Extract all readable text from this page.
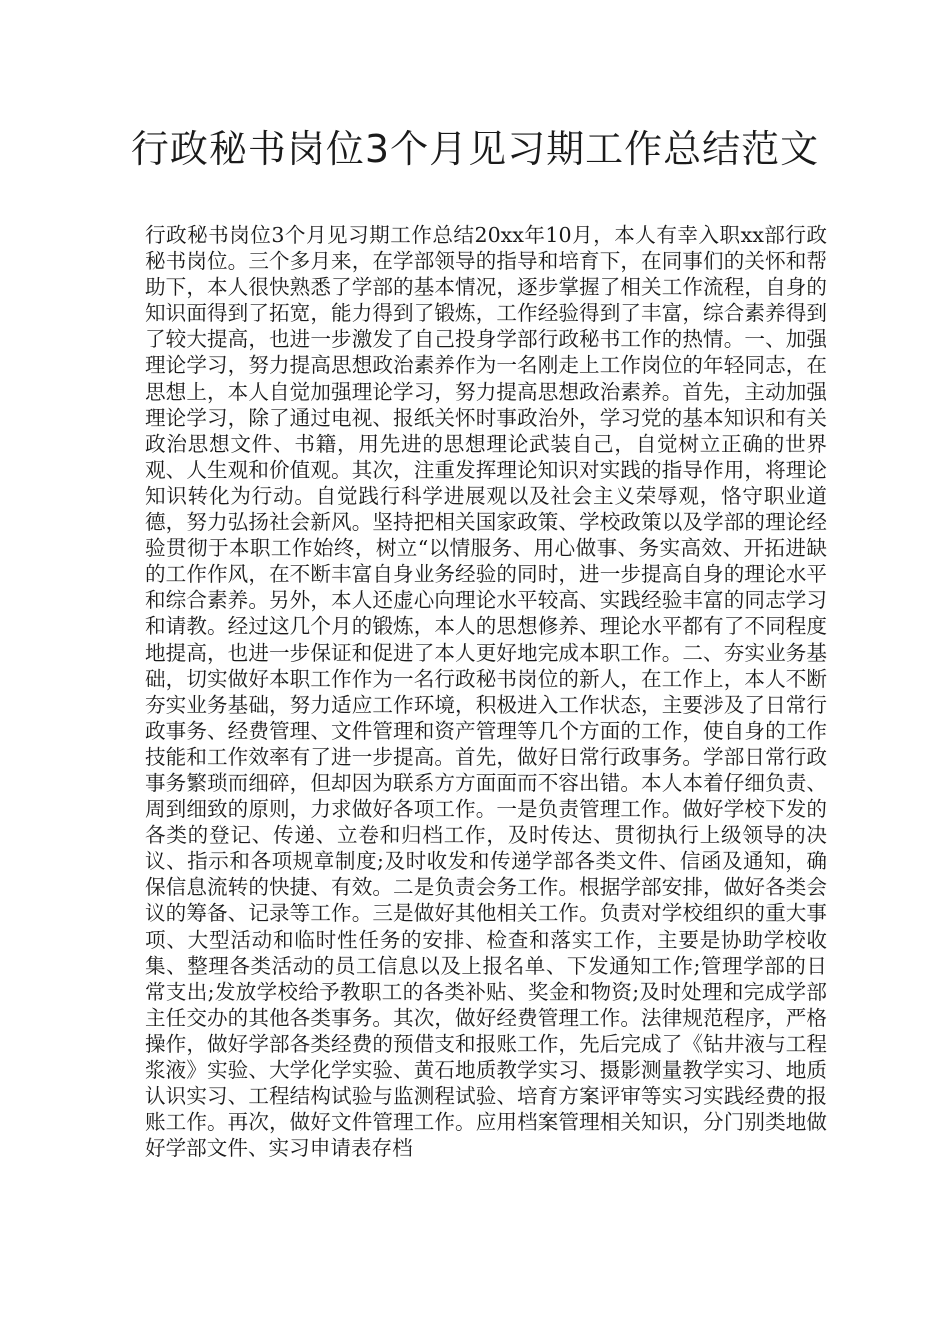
行政秘书岗位3个月见习期工作总结范文

行政秘书岗位3个月见习期工作总结20xx年10月，本人有幸入职xx部行政秘书岗位。三个多月来，在学部领导的指导和培育下，在同事们的关怀和帮助下，本人很快熟悉了学部的基本情况，逐步掌握了相关工作流程，自身的知识面得到了拓宽，能力得到了锻炼，工作经验得到了丰富，综合素养得到了较大提高，也进一步激发了自己投身学部行政秘书工作的热情。一、加强理论学习，努力提高思想政治素养作为一名刚走上工作岗位的年轻同志，在思想上，本人自觉加强理论学习，努力提高思想政治素养。首先，主动加强理论学习，除了通过电视、报纸关怀时事政治外，学习党的基本知识和有关政治思想文件、书籍，用先进的思想理论武装自己，自觉树立正确的世界观、人生观和价值观。其次，注重发挥理论知识对实践的指导作用，将理论知识转化为行动。自觉践行科学进展观以及社会主义荣辱观，恪守职业道德，努力弘扬社会新风。坚持把相关国家政策、学校政策以及学部的理论经验贯彻于本职工作始终，树立“以情服务、用心做事、务实高效、开拓进缺的工作作风，在不断丰富自身业务经验的同时，进一步提高自身的理论水平和综合素养。另外，本人还虚心向理论水平较高、实践经验丰富的同志学习和请教。经过这几个月的锻炼，本人的思想修养、理论水平都有了不同程度地提高，也进一步保证和促进了本人更好地完成本职工作。二、夯实业务基础，切实做好本职工作作为一名行政秘书岗位的新人，在工作上，本人不断夯实业务基础，努力适应工作环境，积极进入工作状态，主要涉及了日常行政事务、经费管理、文件管理和资产管理等几个方面的工作，使自身的工作技能和工作效率有了进一步提高。首先，做好日常行政事务。学部日常行政事务繁琐而细碎，但却因为联系方方面面而不容出错。本人本着仔细负责、周到细致的原则，力求做好各项工作。一是负责管理工作。做好学校下发的各类的登记、传递、立卷和归档工作，及时传达、贯彻执行上级领导的决议、指示和各项规章制度;及时收发和传递学部各类文件、信函及通知，确保信息流转的快捷、有效。二是负责会务工作。根据学部安排，做好各类会议的筹备、记录等工作。三是做好其他相关工作。负责对学校组织的重大事项、大型活动和临时性任务的安排、检查和落实工作，主要是协助学校收集、整理各类活动的员工信息以及上报名单、下发通知工作;管理学部的日常支出;发放学校给予教职工的各类补贴、奖金和物资;及时处理和完成学部主任交办的其他各类事务。其次，做好经费管理工作。法律规范程序，严格操作，做好学部各类经费的预借支和报账工作，先后完成了《钻井液与工程浆液》实验、大学化学实验、黄石地质教学实习、摄影测量教学实习、地质认识实习、工程结构试验与监测程试验、培育方案评审等实习实践经费的报账工作。再次，做好文件管理工作。应用档案管理相关知识，分门别类地做好学部文件、实习申请表存档
